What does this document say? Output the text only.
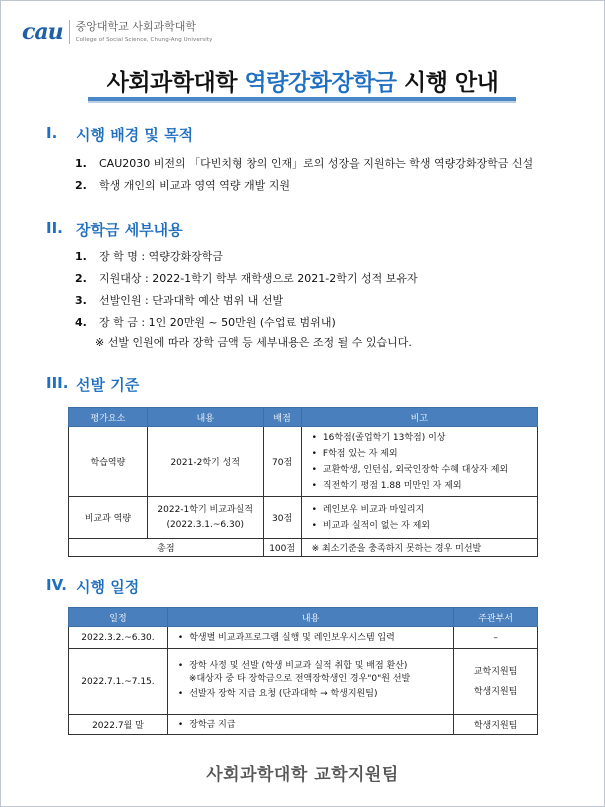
cau 중앙대학교 사회과학대학
College of Social Science, Chung-Ang University
사회과학대학 역량강화장학금 시행 안내
I.	시행 배경 및 목적
1.	CAU2030 비전의 「다빈치형 창의 인재」로의 성장을 지원하는 학생 역량강화장학금 신설
2.	학생 개인의 비교과 영역 역량 개발 지원
II. 장학금 세부내용
1.	장 학 명 : 역량강화장학금
2.	지원대상 : 2022-1학기 학부 재학생으로 2021-2학기 성적 보유자
3.	선발인원 : 단과대학 예산 범위 내 선발
4.	장 학 금 : 1인 20만원 ~ 50만원 (수업료 범위내)
※ 선발 인원에 따라 장학 금액 등 세부내용은 조정 될 수 있습니다.
III. 선발 기준
평가요소	내용	배점	비고
학습역량	2021-2학기 성적	70점	• 16학점(졸업학기 13학점) 이상
• F학점 있는 자 제외
• 교환학생, 인턴십, 외국인장학 수혜 대상자 제외
• 직전학기 평점 1.88 미만인 자 제외

비교과 역량	2022-1학기 비교과실적
(2022.3.1.~6.30)	30점	• 레인보우 비교과 마일리지
• 비교과 실적이 없는 자 제외

총점		100점	※ 최소기준을 충족하지 못하는 경우 미선발
IV. 시행 일정
일정	내용	주관부서
2022.3.2.~6.30.	• 학생별 비교과프로그램 실행 및 레인보우시스템 입력	–
2022.7.1.~7.15.	• 장학 사정 및 선발 (학생 비교과 실적 취합 및 배점 환산)
※대상자 중 타 장학금으로 전액장학생인 경우"0"원 선발
• 선발자 장학 지급 요청 (단과대학 → 학생지원팀)	교학지원팀
학생지원팀

2022.7월 말	• 장학금 지급	학생지원팀
사회과학대학 교학지원팀
